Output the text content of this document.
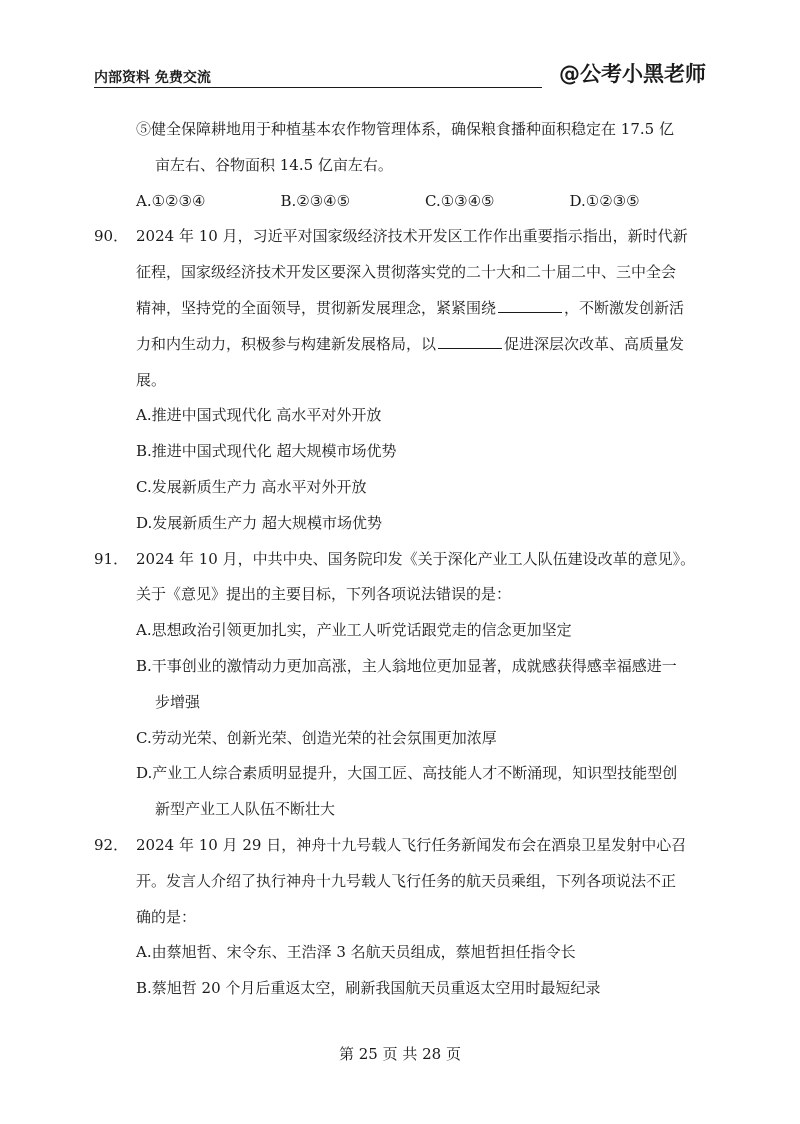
内部资料 免费交流	@公考小黑老师
⑤健全保障耕地用于种植基本农作物管理体系，确保粮食播种面积稳定在 17.5 亿
亩左右、谷物面积 14.5 亿亩左右。
A.①②③④	B.②③④⑤	C.①③④⑤	D.①②③⑤
90． 2024 年 10 月，习近平对国家级经济技术开发区工作作出重要指示指出，新时代新
征程，国家级经济技术开发区要深入贯彻落实党的二十大和二十届二中、三中全会
精神，坚持党的全面领导，贯彻新发展理念，紧紧围绕	，不断激发创新活
力和内生动力，积极参与构建新发展格局，以	促进深层次改革、高质量发
展。
A.推进中国式现代化 高水平对外开放
B.推进中国式现代化 超大规模市场优势
C.发展新质生产力 高水平对外开放
D.发展新质生产力 超大规模市场优势
91． 2024 年 10 月，中共中央、国务院印发《关于深化产业工人队伍建设改革的意见》。
关于《意见》提出的主要目标，下列各项说法错误的是：
A.思想政治引领更加扎实，产业工人听党话跟党走的信念更加坚定
B.干事创业的激情动力更加高涨，主人翁地位更加显著，成就感获得感幸福感进一
步增强
C.劳动光荣、创新光荣、创造光荣的社会氛围更加浓厚
D.产业工人综合素质明显提升，大国工匠、高技能人才不断涌现，知识型技能型创
新型产业工人队伍不断壮大
92． 2024 年 10 月 29 日，神舟十九号载人飞行任务新闻发布会在酒泉卫星发射中心召
开。发言人介绍了执行神舟十九号载人飞行任务的航天员乘组，下列各项说法不正
确的是：
A.由蔡旭哲、宋令东、王浩泽 3 名航天员组成，蔡旭哲担任指令长
B.蔡旭哲 20 个月后重返太空，刷新我国航天员重返太空用时最短纪录
第 25 页 共 28 页
